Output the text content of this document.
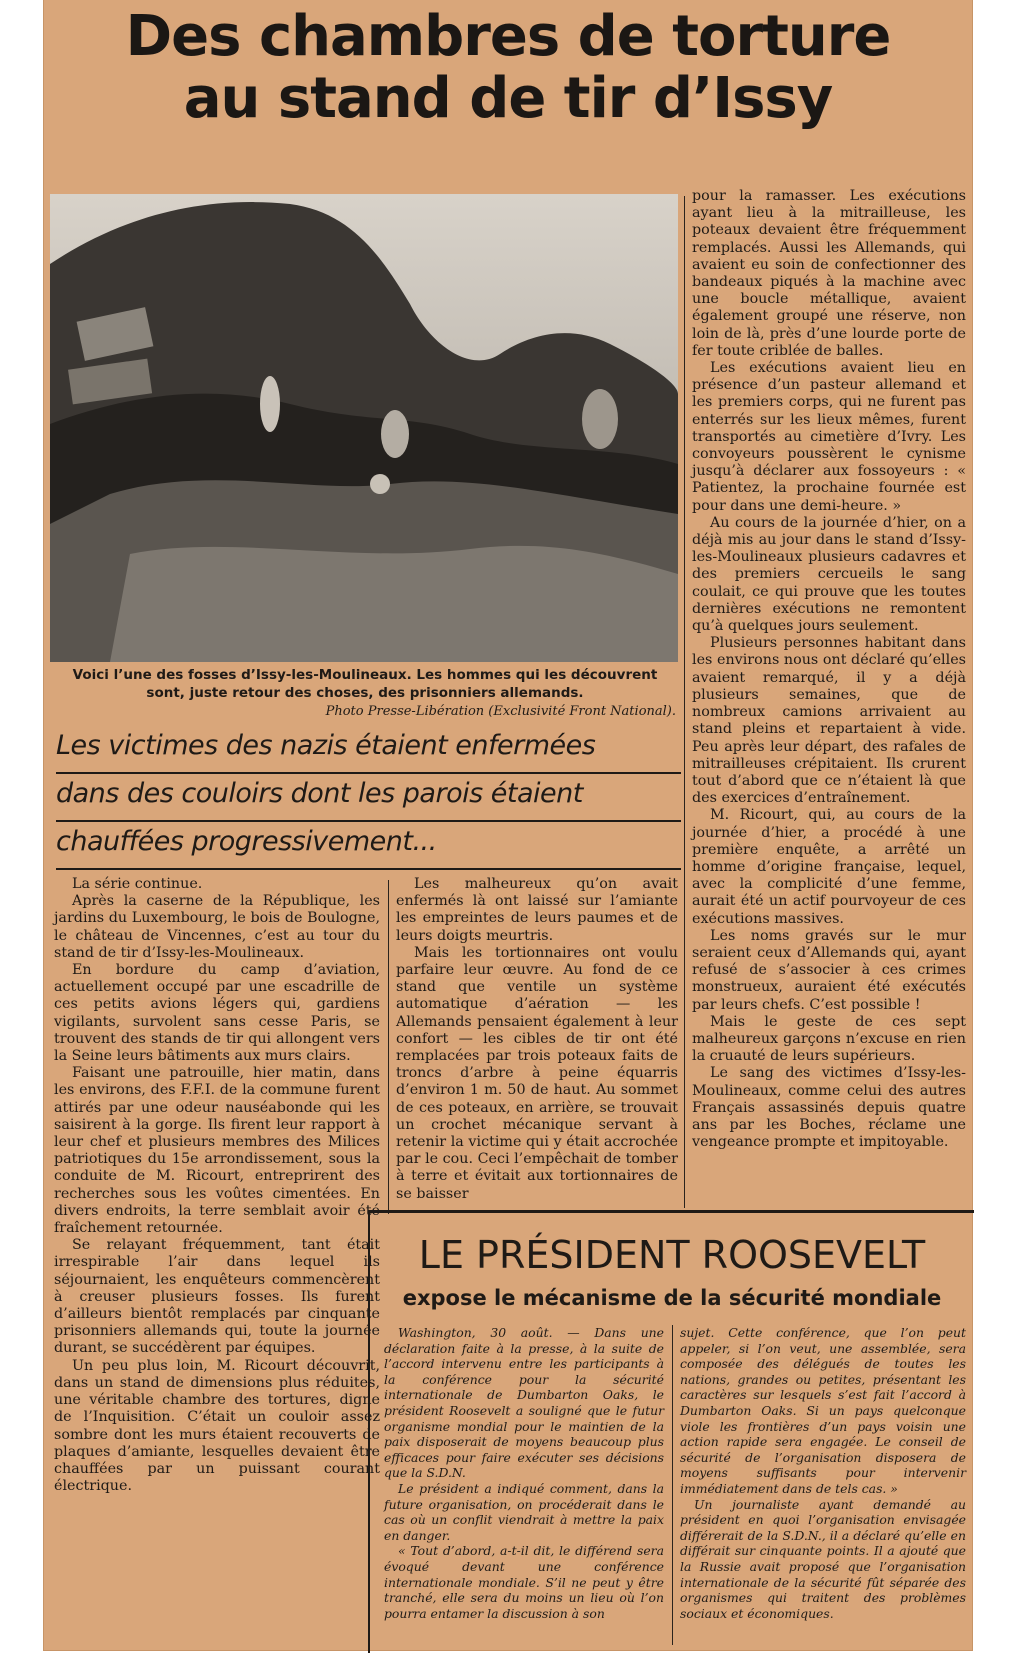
Des chambres de torture
au stand de tir d’Issy
Voici l’une des fosses d’Issy-les-Moulineaux. Les hommes qui les découvrent sont, juste retour des choses, des prisonniers allemands.
Photo Presse-Libération (Exclusivité Front National).
Les victimes des nazis étaient enfermées
dans des couloirs dont les parois étaient
chauffées progressivement...

La série continue.

Après la caserne de la République, les jardins du Luxembourg, le bois de Boulogne, le château de Vincennes, c’est au tour du stand de tir d’Issy-les-Moulineaux.

En bordure du camp d’aviation, actuellement occupé par une escadrille de ces petits avions légers qui, gardiens vigilants, survolent sans cesse Paris, se trouvent des stands de tir qui allongent vers la Seine leurs bâtiments aux murs clairs.

Faisant une patrouille, hier matin, dans les environs, des F.F.I. de la commune furent attirés par une odeur nauséabonde qui les saisirent à la gorge. Ils firent leur rapport à leur chef et plusieurs membres des Milices patriotiques du 15e arrondissement, sous la conduite de M. Ricourt, entreprirent des recherches sous les voûtes cimentées. En divers endroits, la terre semblait avoir été fraîchement retournée.

Se relayant fréquemment, tant était irrespirable l’air dans lequel ils séjournaient, les enquêteurs commencèrent à creuser plusieurs fosses. Ils furent d’ailleurs bientôt remplacés par cinquante prisonniers allemands qui, toute la journée durant, se succédèrent par équipes.

Un peu plus loin, M. Ricourt découvrit, dans un stand de dimensions plus réduites, une véritable chambre des tortures, digne de l’Inquisition. C’était un couloir assez sombre dont les murs étaient recouverts de plaques d’amiante, lesquelles devaient être chauffées par un puissant courant électrique.

Les malheureux qu’on avait enfermés là ont laissé sur l’amiante les empreintes de leurs paumes et de leurs doigts meurtris.

Mais les tortionnaires ont voulu parfaire leur œuvre. Au fond de ce stand que ventile un système automatique d’aération — les Allemands pensaient également à leur confort — les cibles de tir ont été remplacées par trois poteaux faits de troncs d’arbre à peine équarris d’environ 1 m. 50 de haut. Au sommet de ces poteaux, en arrière, se trouvait un crochet mécanique servant à retenir la victime qui y était accrochée par le cou. Ceci l’empêchait de tomber à terre et évitait aux tortionnaires de se baisser

pour la ramasser. Les exécutions ayant lieu à la mitrailleuse, les poteaux devaient être fréquemment remplacés. Aussi les Allemands, qui avaient eu soin de confectionner des bandeaux piqués à la machine avec une boucle métallique, avaient également groupé une réserve, non loin de là, près d’une lourde porte de fer toute criblée de balles.

Les exécutions avaient lieu en présence d’un pasteur allemand et les premiers corps, qui ne furent pas enterrés sur les lieux mêmes, furent transportés au cimetière d’Ivry. Les convoyeurs poussèrent le cynisme jusqu’à déclarer aux fossoyeurs : « Patientez, la prochaine fournée est pour dans une demi-heure. »

Au cours de la journée d’hier, on a déjà mis au jour dans le stand d’Issy-les-Moulineaux plusieurs cadavres et des premiers cercueils le sang coulait, ce qui prouve que les toutes dernières exécutions ne remontent qu’à quelques jours seulement.

Plusieurs personnes habitant dans les environs nous ont déclaré qu’elles avaient remarqué, il y a déjà plusieurs semaines, que de nombreux camions arrivaient au stand pleins et repartaient à vide. Peu après leur départ, des rafales de mitrailleuses crépitaient. Ils crurent tout d’abord que ce n’étaient là que des exercices d’entraînement.

M. Ricourt, qui, au cours de la journée d’hier, a procédé à une première enquête, a arrêté un homme d’origine française, lequel, avec la complicité d’une femme, aurait été un actif pourvoyeur de ces exécutions massives.

Les noms gravés sur le mur seraient ceux d’Allemands qui, ayant refusé de s’associer à ces crimes monstrueux, auraient été exécutés par leurs chefs. C’est possible !

Mais le geste de ces sept malheureux garçons n’excuse en rien la cruauté de leurs supérieurs.

Le sang des victimes d’Issy-les-Moulineaux, comme celui des autres Français assassinés depuis quatre ans par les Boches, réclame une vengeance prompte et impitoyable.

LE PRÉSIDENT ROOSEVELT
expose le mécanisme de la sécurité mondiale

Washington, 30 août. — Dans une déclaration faite à la presse, à la suite de l’accord intervenu entre les participants à la conférence pour la sécurité internationale de Dumbarton Oaks, le président Roosevelt a souligné que le futur organisme mondial pour le maintien de la paix disposerait de moyens beaucoup plus efficaces pour faire exécuter ses décisions que la S.D.N.

Le président a indiqué comment, dans la future organisation, on procéderait dans le cas où un conflit viendrait à mettre la paix en danger.

« Tout d’abord, a-t-il dit, le différend sera évoqué devant une conférence internationale mondiale. S’il ne peut y être tranché, elle sera du moins un lieu où l’on pourra entamer la discussion à son

sujet. Cette conférence, que l’on peut appeler, si l’on veut, une assemblée, sera composée des délégués de toutes les nations, grandes ou petites, présentant les caractères sur lesquels s’est fait l’accord à Dumbarton Oaks. Si un pays quelconque viole les frontières d’un pays voisin une action rapide sera engagée. Le conseil de sécurité de l’organisation disposera de moyens suffisants pour intervenir immédiatement dans de tels cas. »

Un journaliste ayant demandé au président en quoi l’organisation envisagée différerait de la S.D.N., il a déclaré qu’elle en différait sur cinquante points. Il a ajouté que la Russie avait proposé que l’organisation internationale de la sécurité fût séparée des organismes qui traitent des problèmes sociaux et économiques.
